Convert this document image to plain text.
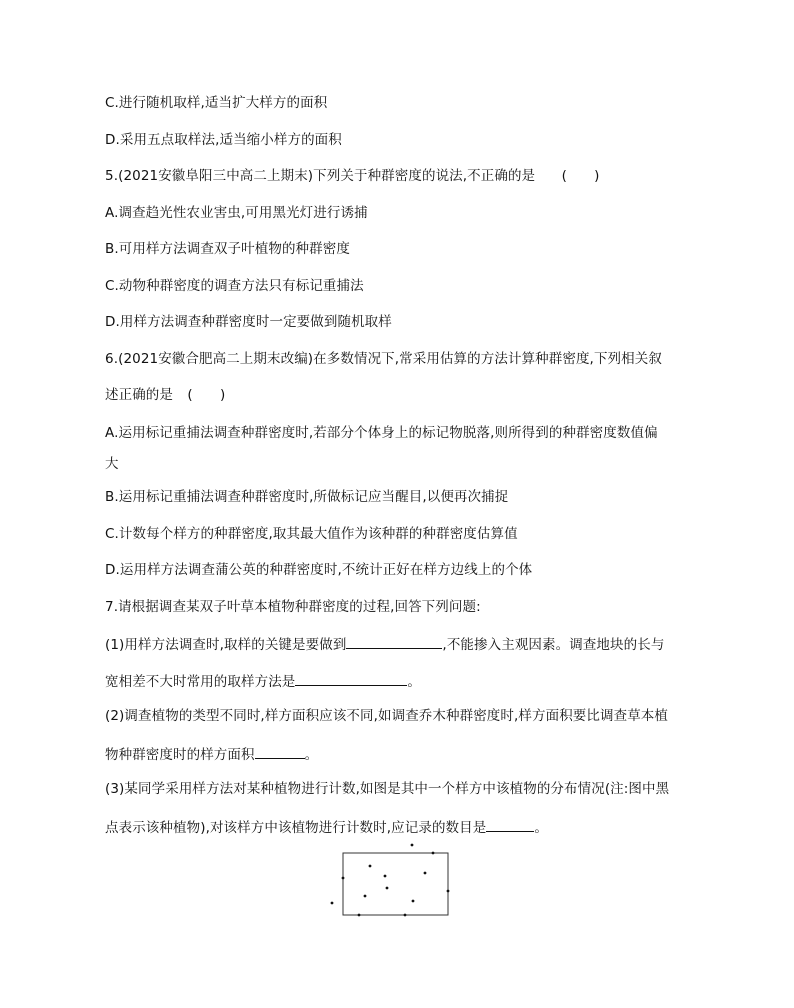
C.进行随机取样,适当扩大样方的面积
D.采用五点取样法,适当缩小样方的面积
5.(2021安徽阜阳三中高二上期末)下列关于种群密度的说法,不正确的是 (　　)
A.调查趋光性农业害虫,可用黑光灯进行诱捕
B.可用样方法调查双子叶植物的种群密度
C.动物种群密度的调查方法只有标记重捕法
D.用样方法调查种群密度时一定要做到随机取样
6.(2021安徽合肥高二上期末改编)在多数情况下,常采用估算的方法计算种群密度,下列相关叙
述正确的是 (　　)
A.运用标记重捕法调查种群密度时,若部分个体身上的标记物脱落,则所得到的种群密度数值偏
大
B.运用标记重捕法调查种群密度时,所做标记应当醒目,以便再次捕捉
C.计数每个样方的种群密度,取其最大值作为该种群的种群密度估算值
D.运用样方法调查蒲公英的种群密度时,不统计正好在样方边线上的个体
7.请根据调查某双子叶草本植物种群密度的过程,回答下列问题:
(1)用样方法调查时,取样的关键是要做到	,不能掺入主观因素。调查地块的长与
宽相差不大时常用的取样方法是	。
(2)调查植物的类型不同时,样方面积应该不同,如调查乔木种群密度时,样方面积要比调查草本植
物种群密度时的样方面积	。
(3)某同学采用样方法对某种植物进行计数,如图是其中一个样方中该植物的分布情况(注:图中黑
点表示该种植物),对该样方中该植物进行计数时,应记录的数目是	。
